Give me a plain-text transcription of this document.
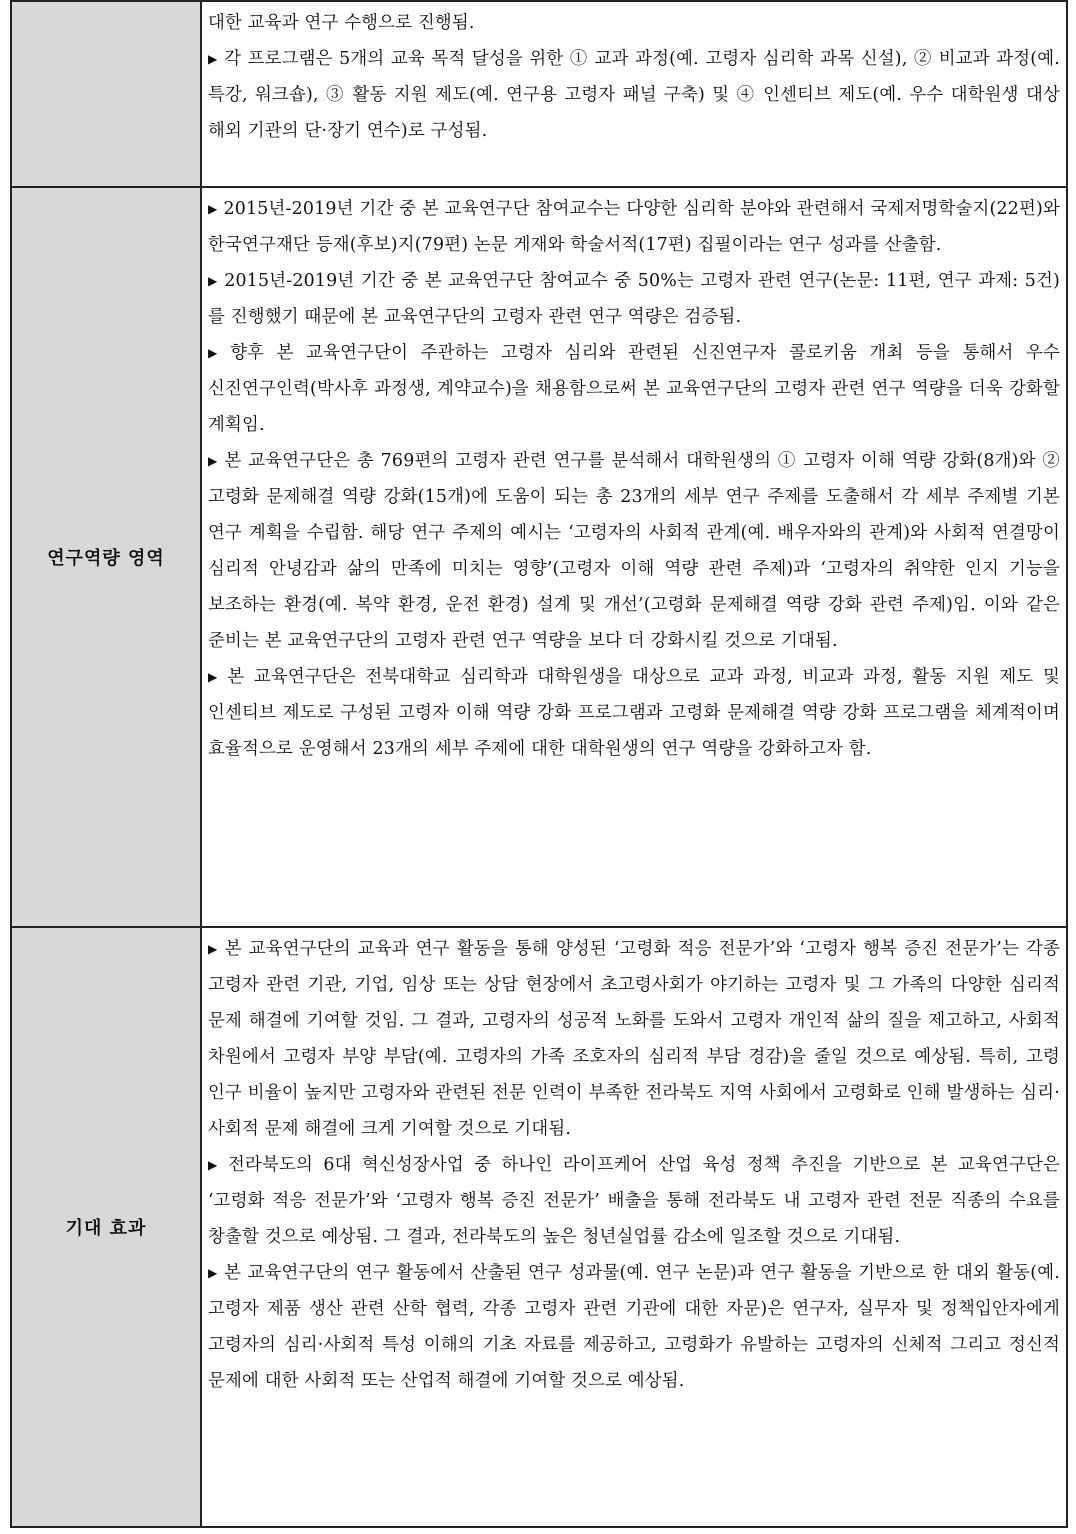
	대한 교육과 연구 수행으로 진행됨.

▶ 각 프로그램은 5개의 교육 목적 달성을 위한 ① 교과 과정(예. 고령자 심리학 과목 신설), ② 비교과 과정(예. 특강, 워크숍), ③ 활동 지원 제도(예. 연구용 고령자 패널 구축) 및 ④ 인센티브 제도(예. 우수 대학원생 대상 해외 기관의 단·장기 연수)로 구성됨.

연구역량 영역	▶ 2015년-2019년 기간 중 본 교육연구단 참여교수는 다양한 심리학 분야와 관련해서 국제저명학술지(22편)와 한국연구재단 등재(후보)지(79편) 논문 게재와 학술서적(17편) 집필이라는 연구 성과를 산출함.

▶ 2015년-2019년 기간 중 본 교육연구단 참여교수 중 50%는 고령자 관련 연구(논문: 11편, 연구 과제: 5건)를 진행했기 때문에 본 교육연구단의 고령자 관련 연구 역량은 검증됨.

▶ 향후 본 교육연구단이 주관하는 고령자 심리와 관련된 신진연구자 콜로키움 개최 등을 통해서 우수 신진연구인력(박사후 과정생, 계약교수)을 채용함으로써 본 교육연구단의 고령자 관련 연구 역량을 더욱 강화할 계획임.

▶ 본 교육연구단은 총 769편의 고령자 관련 연구를 분석해서 대학원생의 ① 고령자 이해 역량 강화(8개)와 ② 고령화 문제해결 역량 강화(15개)에 도움이 되는 총 23개의 세부 연구 주제를 도출해서 각 세부 주제별 기본 연구 계획을 수립함. 해당 연구 주제의 예시는 ‘고령자의 사회적 관계(예. 배우자와의 관계)와 사회적 연결망이 심리적 안녕감과 삶의 만족에 미치는 영향’(고령자 이해 역량 관련 주제)과 ‘고령자의 취약한 인지 기능을 보조하는 환경(예. 복약 환경, 운전 환경) 설계 및 개선’(고령화 문제해결 역량 강화 관련 주제)임. 이와 같은 준비는 본 교육연구단의 고령자 관련 연구 역량을 보다 더 강화시킬 것으로 기대됨.

▶ 본 교육연구단은 전북대학교 심리학과 대학원생을 대상으로 교과 과정, 비교과 과정, 활동 지원 제도 및 인센티브 제도로 구성된 고령자 이해 역량 강화 프로그램과 고령화 문제해결 역량 강화 프로그램을 체계적이며 효율적으로 운영해서 23개의 세부 주제에 대한 대학원생의 연구 역량을 강화하고자 함.

기대 효과	▶ 본 교육연구단의 교육과 연구 활동을 통해 양성된 ‘고령화 적응 전문가’와 ‘고령자 행복 증진 전문가’는 각종 고령자 관련 기관, 기업, 임상 또는 상담 현장에서 초고령사회가 야기하는 고령자 및 그 가족의 다양한 심리적 문제 해결에 기여할 것임. 그 결과, 고령자의 성공적 노화를 도와서 고령자 개인적 삶의 질을 제고하고, 사회적 차원에서 고령자 부양 부담(예. 고령자의 가족 조호자의 심리적 부담 경감)을 줄일 것으로 예상됨. 특히, 고령 인구 비율이 높지만 고령자와 관련된 전문 인력이 부족한 전라북도 지역 사회에서 고령화로 인해 발생하는 심리·사회적 문제 해결에 크게 기여할 것으로 기대됨.

▶ 전라북도의 6대 혁신성장사업 중 하나인 라이프케어 산업 육성 정책 추진을 기반으로 본 교육연구단은 ‘고령화 적응 전문가’와 ‘고령자 행복 증진 전문가’ 배출을 통해 전라북도 내 고령자 관련 전문 직종의 수요를 창출할 것으로 예상됨. 그 결과, 전라북도의 높은 청년실업률 감소에 일조할 것으로 기대됨.

▶ 본 교육연구단의 연구 활동에서 산출된 연구 성과물(예. 연구 논문)과 연구 활동을 기반으로 한 대외 활동(예. 고령자 제품 생산 관련 산학 협력, 각종 고령자 관련 기관에 대한 자문)은 연구자, 실무자 및 정책입안자에게 고령자의 심리·사회적 특성 이해의 기초 자료를 제공하고, 고령화가 유발하는 고령자의 신체적 그리고 정신적 문제에 대한 사회적 또는 산업적 해결에 기여할 것으로 예상됨.
